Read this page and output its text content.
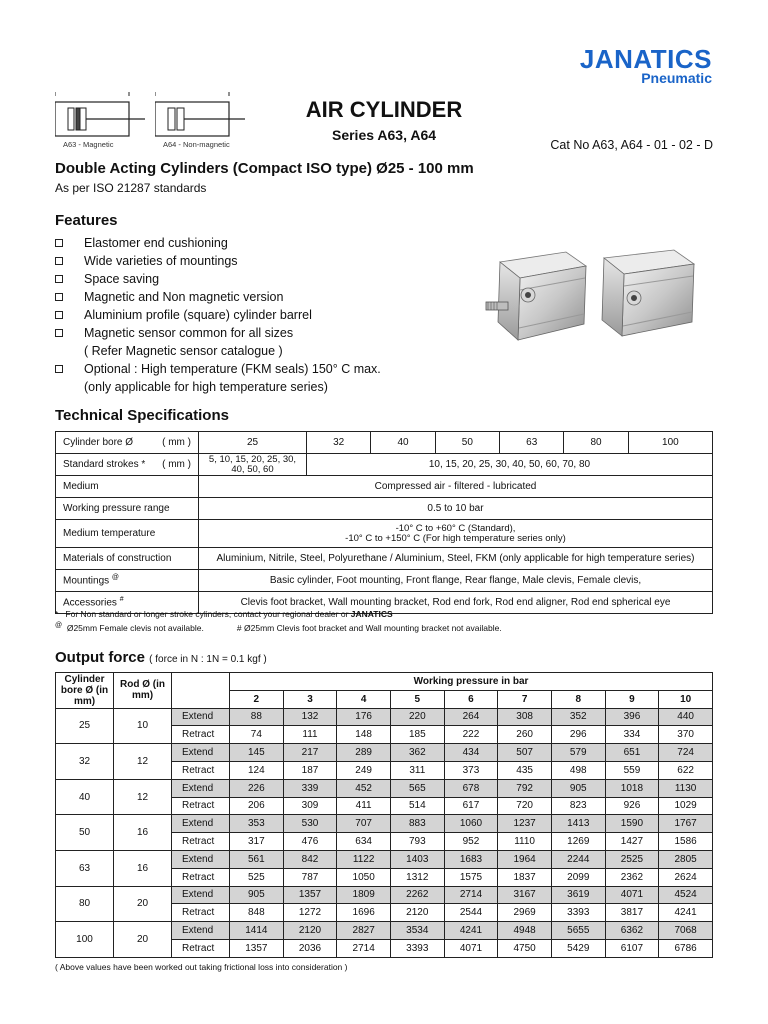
JANATICS
Pneumatic
A63 - Magnetic	A64 - Non-magnetic
AIR CYLINDER
Series A63, A64
Cat No A63, A64 - 01 - 02 - D
Double Acting Cylinders (Compact ISO type) Ø25 - 100 mm
As per ISO 21287 standards
Features
Elastomer end cushioning
Wide varieties of mountings
Space saving
Magnetic and Non magnetic version
Aluminium profile (square) cylinder barrel
Magnetic sensor common for all sizes
( Refer Magnetic sensor catalogue )
Optional : High temperature (FKM seals) 150° C max.
(only applicable for high temperature series)
Technical Specifications
Cylinder bore Ø ( mm )	25	32	40	50	63	80	100
Standard strokes * ( mm )	5, 10, 15, 20, 25, 30, 40, 50, 60	10, 15, 20, 25, 30, 40, 50, 60, 70, 80					
Medium	Compressed air - filtered - lubricated						
Working pressure range	0.5 to 10 bar						
Medium temperature	-10° C to +60° C (Standard),
-10° C to +150° C (For high temperature series only)						
Materials of construction	Aluminium, Nitrile, Steel, Polyurethane / Aluminium, Steel, FKM (only applicable for high temperature series)						
Mountings @	Basic cylinder, Foot mounting, Front flange, Rear flange, Male clevis, Female clevis,						
Accessories #	Clevis foot bracket, Wall mounting bracket, Rod end fork, Rod end aligner, Rod end spherical eye						
* For Non standard or longer stroke cylinders, contact your regional dealer or JANATICS
@ Ø25mm Female clevis not available.	# Ø25mm Clevis foot bracket and Wall mounting bracket not available.
Output force ( force in N : 1N = 0.1 kgf )
Cylinder bore Ø (in mm)	Rod Ø (in mm)		Working pressure in bar								
			2	3	4	5	6	7	8	9	10
25	10	Extend	88	132	176	220	264	308	352	396	440
		Retract	74	111	148	185	222	260	296	334	370
32	12	Extend	145	217	289	362	434	507	579	651	724
		Retract	124	187	249	311	373	435	498	559	622
40	12	Extend	226	339	452	565	678	792	905	1018	1130
		Retract	206	309	411	514	617	720	823	926	1029
50	16	Extend	353	530	707	883	1060	1237	1413	1590	1767
		Retract	317	476	634	793	952	1110	1269	1427	1586
63	16	Extend	561	842	1122	1403	1683	1964	2244	2525	2805
		Retract	525	787	1050	1312	1575	1837	2099	2362	2624
80	20	Extend	905	1357	1809	2262	2714	3167	3619	4071	4524
		Retract	848	1272	1696	2120	2544	2969	3393	3817	4241
100	20	Extend	1414	2120	2827	3534	4241	4948	5655	6362	7068
		Retract	1357	2036	2714	3393	4071	4750	5429	6107	6786
( Above values have been worked out taking frictional loss into consideration )
